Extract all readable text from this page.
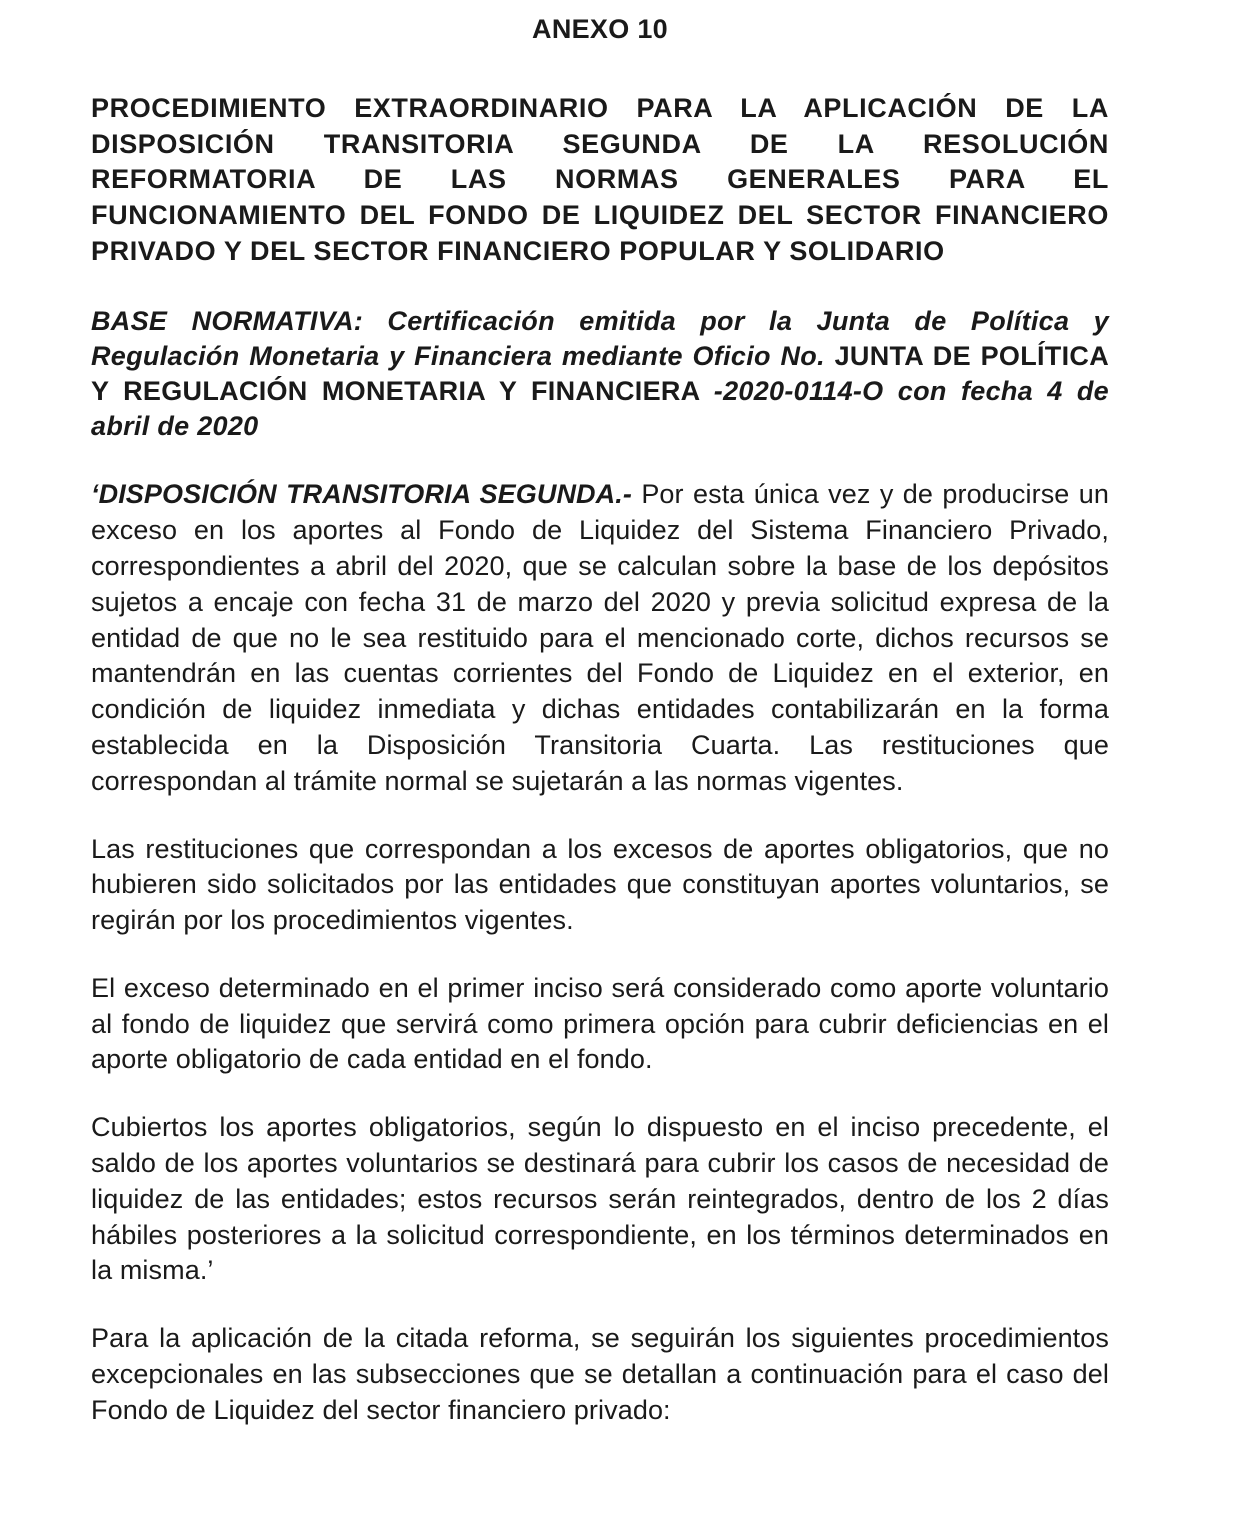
ANEXO 10
PROCEDIMIENTO EXTRAORDINARIO PARA LA APLICACIÓN DE LA DISPOSICIÓN TRANSITORIA SEGUNDA DE LA RESOLUCIÓN REFORMATORIA DE LAS NORMAS GENERALES PARA EL FUNCIONAMIENTO DEL FONDO DE LIQUIDEZ DEL SECTOR FINANCIERO PRIVADO Y DEL SECTOR FINANCIERO POPULAR Y SOLIDARIO
BASE NORMATIVA: Certificación emitida por la Junta de Política y Regulación Monetaria y Financiera mediante Oficio No. JUNTA DE POLÍTICA Y REGULACIÓN MONETARIA Y FINANCIERA -2020-0114-O con fecha 4 de abril de 2020

‘DISPOSICIÓN TRANSITORIA SEGUNDA.- Por esta única vez y de producirse un exceso en los aportes al Fondo de Liquidez del Sistema Financiero Privado, correspondientes a abril del 2020, que se calculan sobre la base de los depósitos sujetos a encaje con fecha 31 de marzo del 2020 y previa solicitud expresa de la entidad de que no le sea restituido para el mencionado corte, dichos recursos se mantendrán en las cuentas corrientes del Fondo de Liquidez en el exterior, en condición de liquidez inmediata y dichas entidades contabilizarán en la forma establecida en la Disposición Transitoria Cuarta. Las restituciones que correspondan al trámite normal se sujetarán a las normas vigentes.

Las restituciones que correspondan a los excesos de aportes obligatorios, que no hubieren sido solicitados por las entidades que constituyan aportes voluntarios, se regirán por los procedimientos vigentes.

El exceso determinado en el primer inciso será considerado como aporte voluntario al fondo de liquidez que servirá como primera opción para cubrir deficiencias en el aporte obligatorio de cada entidad en el fondo.

Cubiertos los aportes obligatorios, según lo dispuesto en el inciso precedente, el saldo de los aportes voluntarios se destinará para cubrir los casos de necesidad de liquidez de las entidades; estos recursos serán reintegrados, dentro de los 2 días hábiles posteriores a la solicitud correspondiente, en los términos determinados en la misma.’

Para la aplicación de la citada reforma, se seguirán los siguientes procedimientos excepcionales en las subsecciones que se detallan a continuación para el caso del Fondo de Liquidez del sector financiero privado:
